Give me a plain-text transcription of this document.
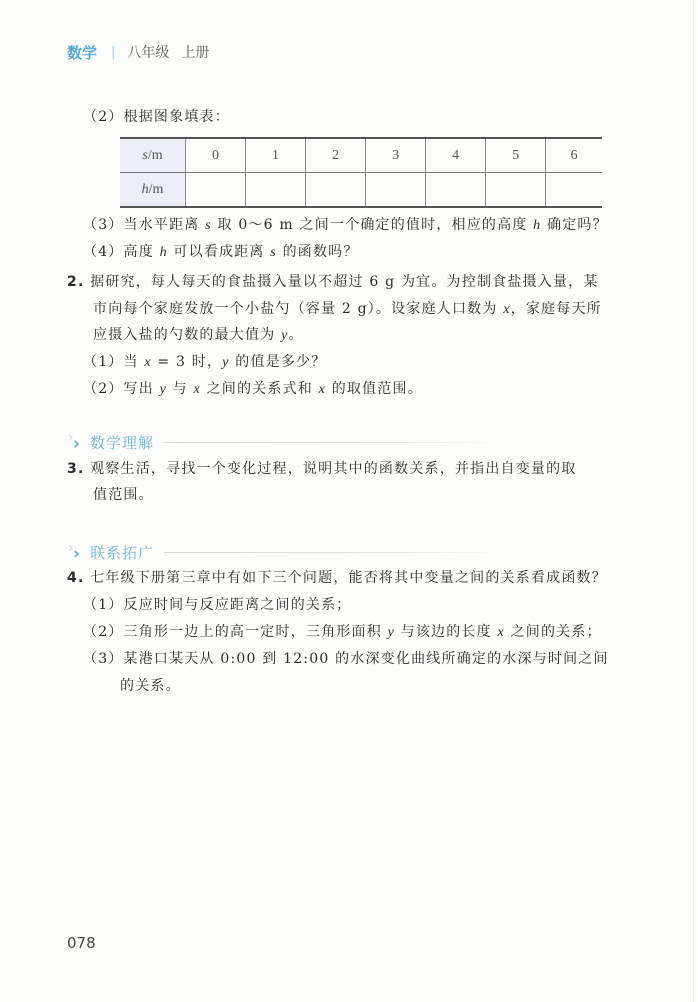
数学 | 八年级 上册
（2）根据图象填表：
s/m	0	1	2	3	4	5	6
h/m							
（3）当水平距离 s 取 0～6 m 之间一个确定的值时，相应的高度 h 确定吗？
（4）高度 h 可以看成距离 s 的函数吗？
2. 据研究，每人每天的食盐摄入量以不超过 6 g 为宜。为控制食盐摄入量，某
市向每个家庭发放一个小盐勺（容量 2 g）。设家庭人口数为 x，家庭每天所
应摄入盐的勺数的最大值为 y。
（1）当 x = 3 时，y 的值是多少？
（2）写出 y 与 x 之间的关系式和 x 的取值范围。
› › 数学理解
3. 观察生活，寻找一个变化过程，说明其中的函数关系，并指出自变量的取
值范围。
› › 联系拓广
4. 七年级下册第三章中有如下三个问题，能否将其中变量之间的关系看成函数？
（1）反应时间与反应距离之间的关系；
（2）三角形一边上的高一定时，三角形面积 y 与该边的长度 x 之间的关系；
（3）某港口某天从 0:00 到 12:00 的水深变化曲线所确定的水深与时间之间
的关系。
078
